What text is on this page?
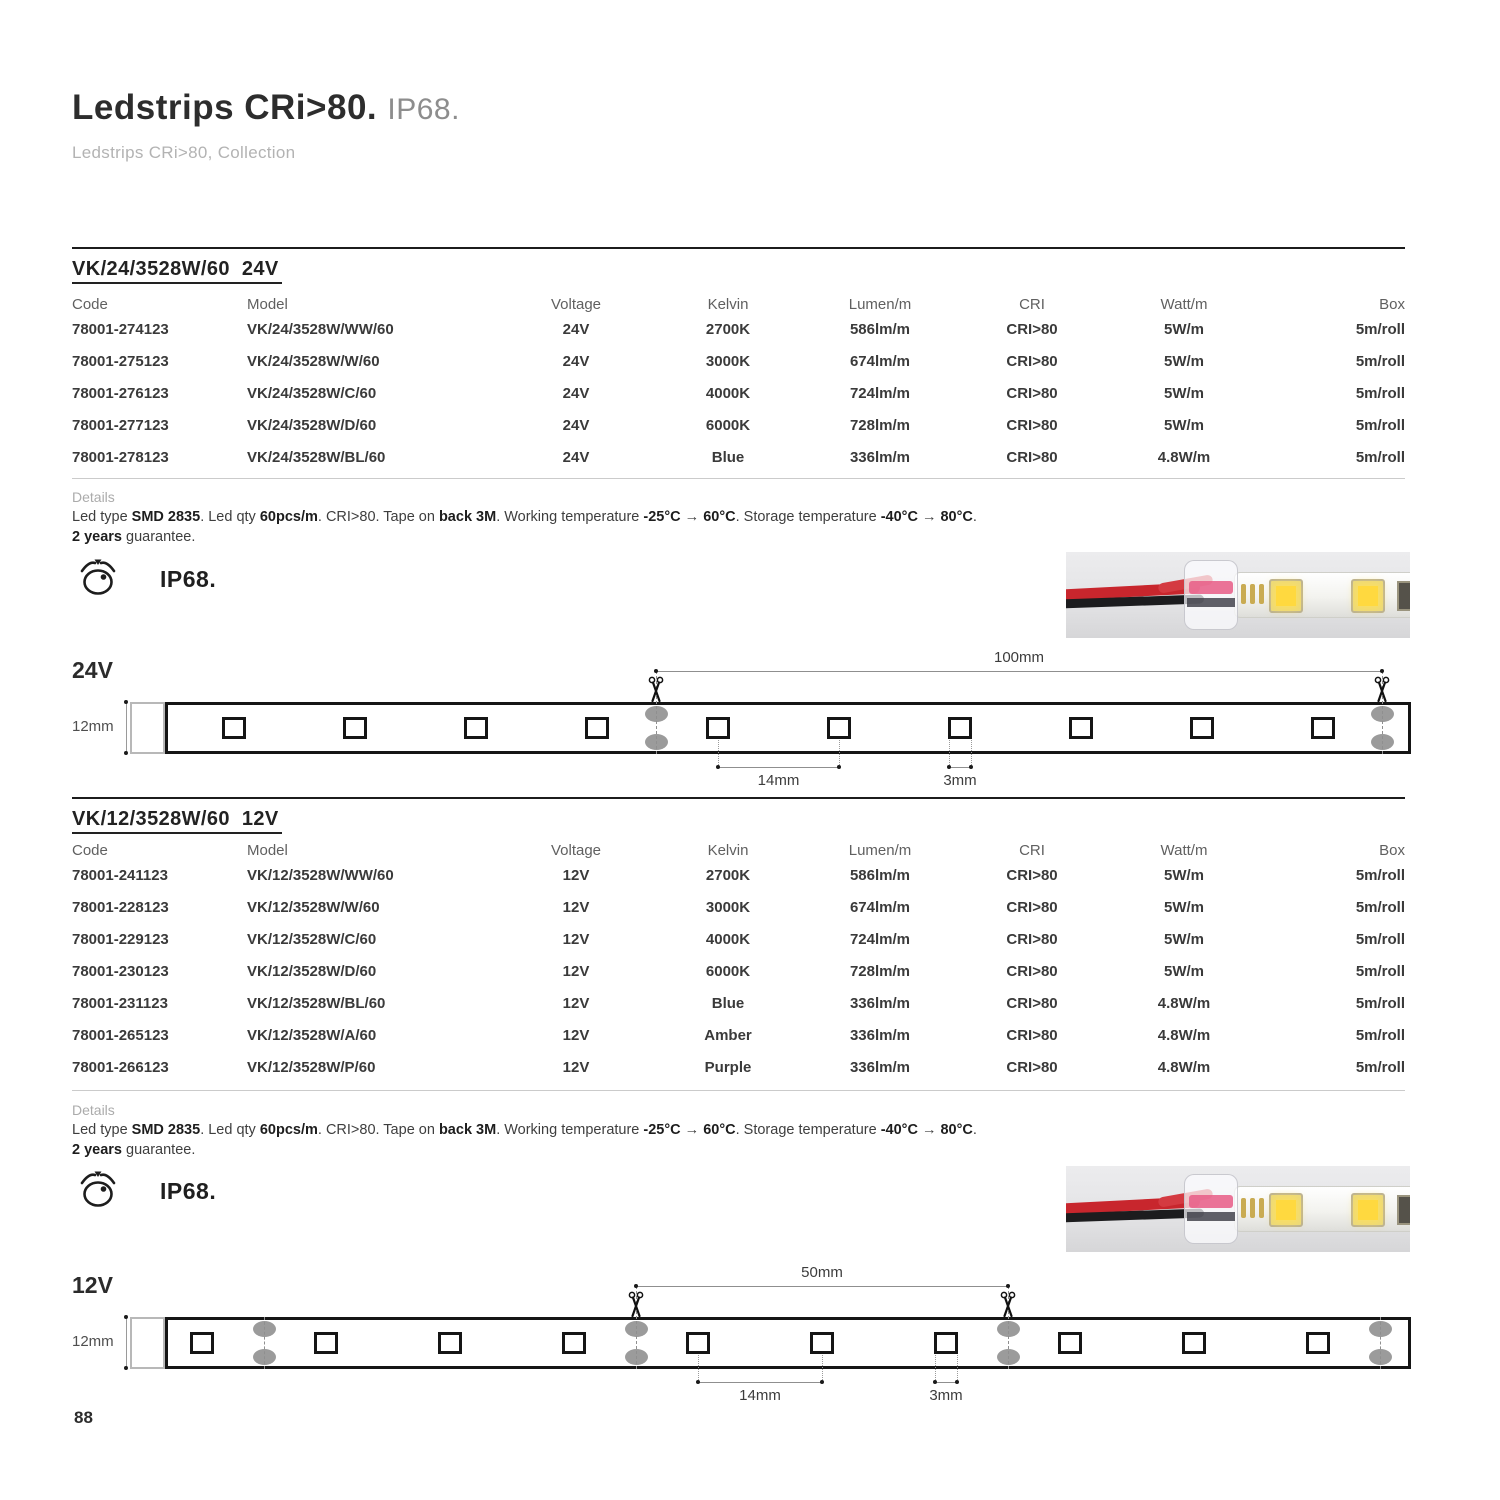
Ledstrips CRi>80. IP68.
Ledstrips CRi>80, Collection
VK/24/3528W/60  24V
Code	Model	Voltage	Kelvin	Lumen/m	CRI	Watt/m	Box
78001-274123	VK/24/3528W/WW/60	24V	2700K	586lm/m	CRI>80	5W/m	5m/roll
78001-275123	VK/24/3528W/W/60	24V	3000K	674lm/m	CRI>80	5W/m	5m/roll
78001-276123	VK/24/3528W/C/60	24V	4000K	724lm/m	CRI>80	5W/m	5m/roll
78001-277123	VK/24/3528W/D/60	24V	6000K	728lm/m	CRI>80	5W/m	5m/roll
78001-278123	VK/24/3528W/BL/60	24V	Blue	336lm/m	CRI>80	4.8W/m	5m/roll

Details

Led type SMD 2835. Led qty 60pcs/m. CRI>80. Tape on back 3M. Working temperature -25°C → 60°C. Storage temperature -40°C → 80°C.

2 years guarantee.

IP68.
24V
12mm
100mm
14mm	3mm
VK/12/3528W/60  12V
Code	Model	Voltage	Kelvin	Lumen/m	CRI	Watt/m	Box
78001-241123	VK/12/3528W/WW/60	12V	2700K	586lm/m	CRI>80	5W/m	5m/roll
78001-228123	VK/12/3528W/W/60	12V	3000K	674lm/m	CRI>80	5W/m	5m/roll
78001-229123	VK/12/3528W/C/60	12V	4000K	724lm/m	CRI>80	5W/m	5m/roll
78001-230123	VK/12/3528W/D/60	12V	6000K	728lm/m	CRI>80	5W/m	5m/roll
78001-231123	VK/12/3528W/BL/60	12V	Blue	336lm/m	CRI>80	4.8W/m	5m/roll
78001-265123	VK/12/3528W/A/60	12V	Amber	336lm/m	CRI>80	4.8W/m	5m/roll
78001-266123	VK/12/3528W/P/60	12V	Purple	336lm/m	CRI>80	4.8W/m	5m/roll

Details

Led type SMD 2835. Led qty 60pcs/m. CRI>80. Tape on back 3M. Working temperature -25°C → 60°C. Storage temperature -40°C → 80°C.

2 years guarantee.

IP68.
12V
12mm
50mm
14mm	3mm
88
